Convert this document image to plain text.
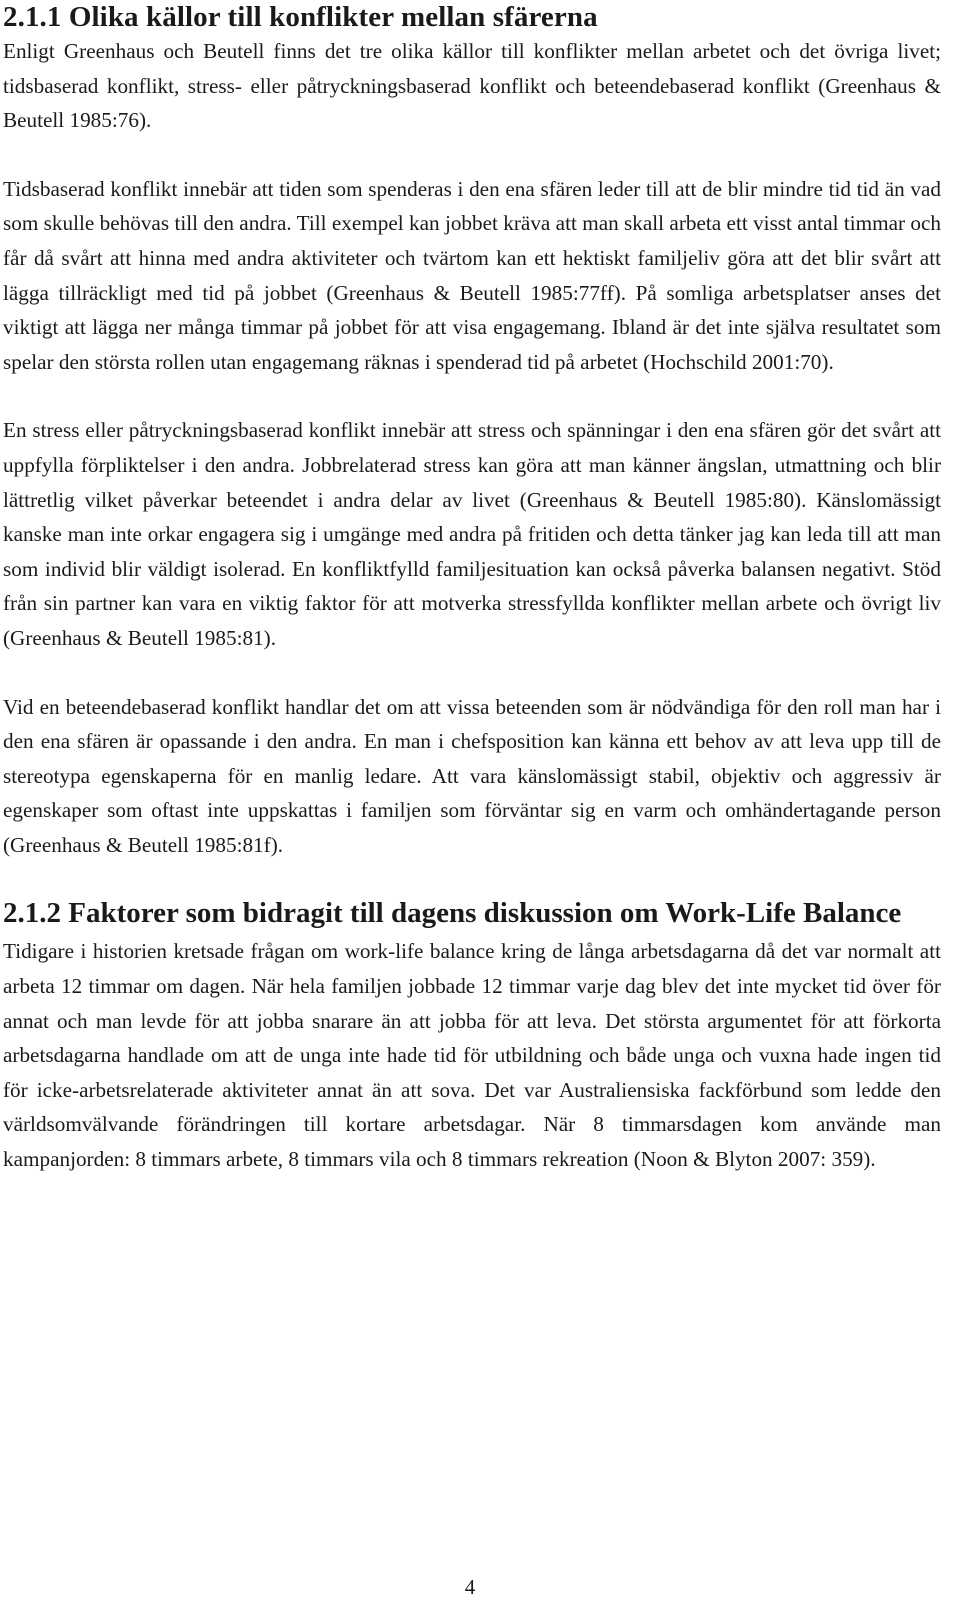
2.1.1 Olika källor till konflikter mellan sfärerna

Enligt Greenhaus och Beutell finns det tre olika källor till konflikter mellan arbetet och det övriga livet; tidsbaserad konflikt, stress- eller påtryckningsbaserad konflikt och beteendebaserad konflikt (Greenhaus & Beutell 1985:76).

Tidsbaserad konflikt innebär att tiden som spenderas i den ena sfären leder till att de blir mindre tid tid än vad som skulle behövas till den andra. Till exempel kan jobbet kräva att man skall arbeta ett visst antal timmar och får då svårt att hinna med andra aktiviteter och tvärtom kan ett hektiskt familjeliv göra att det blir svårt att lägga tillräckligt med tid på jobbet (Greenhaus & Beutell 1985:77ff). På somliga arbetsplatser anses det viktigt att lägga ner många timmar på jobbet för att visa engagemang. Ibland är det inte själva resultatet som spelar den största rollen utan engagemang räknas i spenderad tid på arbetet (Hochschild 2001:70).

En stress eller påtryckningsbaserad konflikt innebär att stress och spänningar i den ena sfären gör det svårt att uppfylla förpliktelser i den andra. Jobbrelaterad stress kan göra att man känner ängslan, utmattning och blir lättretlig vilket påverkar beteendet i andra delar av livet (Greenhaus & Beutell 1985:80). Känslomässigt kanske man inte orkar engagera sig i umgänge med andra på fritiden och detta tänker jag kan leda till att man som individ blir väldigt isolerad. En konfliktfylld familjesituation kan också påverka balansen negativt. Stöd från sin partner kan vara en viktig faktor för att motverka stressfyllda konflikter mellan arbete och övrigt liv (Greenhaus & Beutell 1985:81).

Vid en beteendebaserad konflikt handlar det om att vissa beteenden som är nödvändiga för den roll man har i den ena sfären är opassande i den andra. En man i chefsposition kan känna ett behov av att leva upp till de stereotypa egenskaperna för en manlig ledare. Att vara känslomässigt stabil, objektiv och aggressiv är egenskaper som oftast inte uppskattas i familjen som förväntar sig en varm och omhändertagande person (Greenhaus & Beutell 1985:81f).

2.1.2 Faktorer som bidragit till dagens diskussion om Work-Life Balance

Tidigare i historien kretsade frågan om work-life balance kring de långa arbetsdagarna då det var normalt att arbeta 12 timmar om dagen. När hela familjen jobbade 12 timmar varje dag blev det inte mycket tid över för annat och man levde för att jobba snarare än att jobba för att leva. Det största argumentet för att förkorta arbetsdagarna handlade om att de unga inte hade tid för utbildning och både unga och vuxna hade ingen tid för icke-arbetsrelaterade aktiviteter annat än att sova. Det var Australiensiska fackförbund som ledde den världsomvälvande förändringen till kortare arbetsdagar. När 8 timmarsdagen kom använde man kampanjorden: 8 timmars arbete, 8 timmars vila och 8 timmars rekreation (Noon & Blyton 2007: 359).

4
